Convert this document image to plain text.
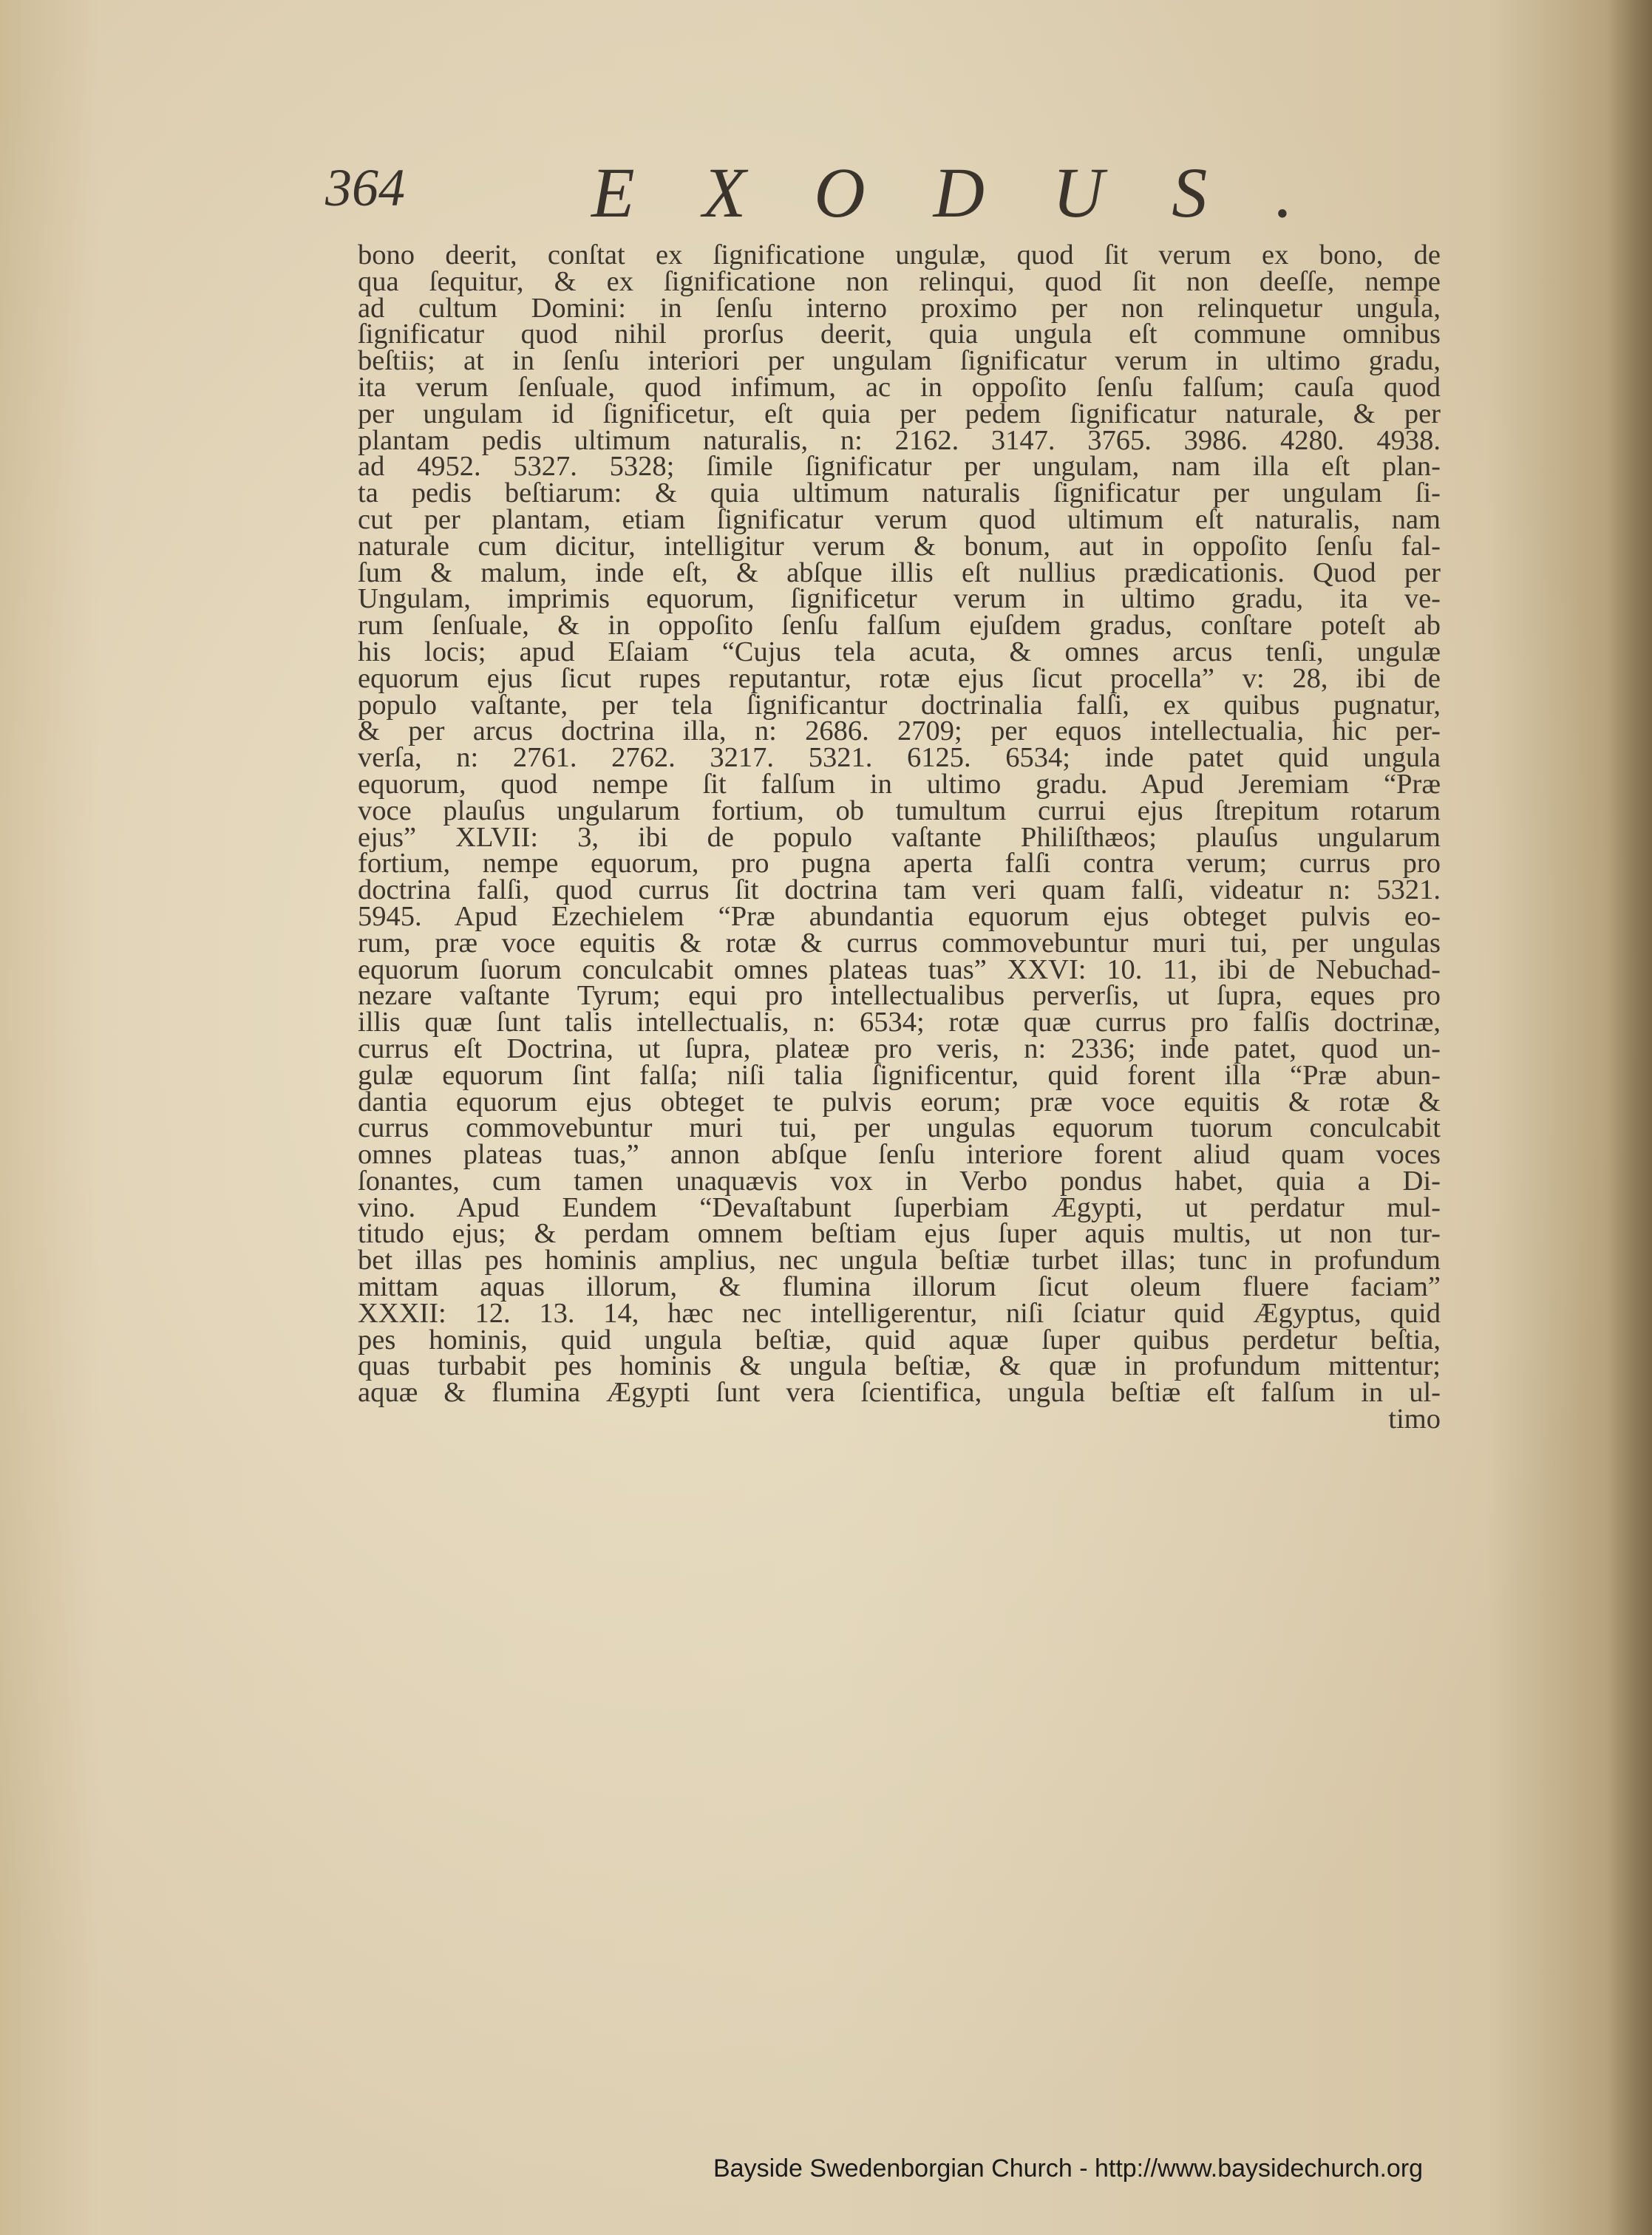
364	EXODUS.
bono deerit, conſtat ex ſignificatione ungulæ, quod ſit verum ex bono, de
qua ſequitur, & ex ſignificatione non relinqui, quod ſit non deeſſe, nempe
ad cultum Domini: in ſenſu interno proximo per non relinquetur ungula,
ſignificatur quod nihil prorſus deerit, quia ungula eſt commune omnibus
beſtiis; at in ſenſu interiori per ungulam ſignificatur verum in ultimo gradu,
ita verum ſenſuale, quod infimum, ac in oppoſito ſenſu falſum; cauſa quod
per ungulam id ſignificetur, eſt quia per pedem ſignificatur naturale, & per
plantam pedis ultimum naturalis, n: 2162. 3147. 3765. 3986. 4280. 4938.
ad 4952. 5327. 5328; ſimile ſignificatur per ungulam, nam illa eſt plan-
ta pedis beſtiarum: & quia ultimum naturalis ſignificatur per ungulam ſi-
cut per plantam, etiam ſignificatur verum quod ultimum eſt naturalis, nam
naturale cum dicitur, intelligitur verum & bonum, aut in oppoſito ſenſu fal-
ſum & malum, inde eſt, & abſque illis eſt nullius prædicationis. Quod per
Ungulam, imprimis equorum, ſignificetur verum in ultimo gradu, ita ve-
rum ſenſuale, & in oppoſito ſenſu falſum ejuſdem gradus, conſtare poteſt ab
his locis; apud Eſaiam “Cujus tela acuta, & omnes arcus tenſi, ungulæ
equorum ejus ſicut rupes reputantur, rotæ ejus ſicut procella” v: 28, ibi de
populo vaſtante, per tela ſignificantur doctrinalia falſi, ex quibus pugnatur,
& per arcus doctrina illa, n: 2686. 2709; per equos intellectualia, hic per-
verſa, n: 2761. 2762. 3217. 5321. 6125. 6534; inde patet quid ungula
equorum, quod nempe ſit falſum in ultimo gradu. Apud Jeremiam “Præ
voce plauſus ungularum fortium, ob tumultum currui ejus ſtrepitum rotarum
ejus” XLVII: 3, ibi de populo vaſtante Philiſthæos; plauſus ungularum
fortium, nempe equorum, pro pugna aperta falſi contra verum; currus pro
doctrina falſi, quod currus ſit doctrina tam veri quam falſi, videatur n: 5321.
5945. Apud Ezechielem “Præ abundantia equorum ejus obteget pulvis eo-
rum, præ voce equitis & rotæ & currus commovebuntur muri tui, per ungulas
equorum ſuorum conculcabit omnes plateas tuas” XXVI: 10. 11, ibi de Nebuchad-
nezare vaſtante Tyrum; equi pro intellectualibus perverſis, ut ſupra, eques pro
illis quæ ſunt talis intellectualis, n: 6534; rotæ quæ currus pro falſis doctrinæ,
currus eſt Doctrina, ut ſupra, plateæ pro veris, n: 2336; inde patet, quod un-
gulæ equorum ſint falſa; niſi talia ſignificentur, quid forent illa “Præ abun-
dantia equorum ejus obteget te pulvis eorum; præ voce equitis & rotæ &
currus commovebuntur muri tui, per ungulas equorum tuorum conculcabit
omnes plateas tuas,” annon abſque ſenſu interiore forent aliud quam voces
ſonantes, cum tamen unaquævis vox in Verbo pondus habet, quia a Di-
vino. Apud Eundem “Devaſtabunt ſuperbiam Ægypti, ut perdatur mul-
titudo ejus; & perdam omnem beſtiam ejus ſuper aquis multis, ut non tur-
bet illas pes hominis amplius, nec ungula beſtiæ turbet illas; tunc in profundum
mittam aquas illorum, & flumina illorum ſicut oleum fluere faciam”
XXXII: 12. 13. 14, hæc nec intelligerentur, niſi ſciatur quid Ægyptus, quid
pes hominis, quid ungula beſtiæ, quid aquæ ſuper quibus perdetur beſtia,
quas turbabit pes hominis & ungula beſtiæ, & quæ in profundum mittentur;
aquæ & flumina Ægypti ſunt vera ſcientifica, ungula beſtiæ eſt falſum in ul-
timo
Bayside Swedenborgian Church - http://www.baysidechurch.org
